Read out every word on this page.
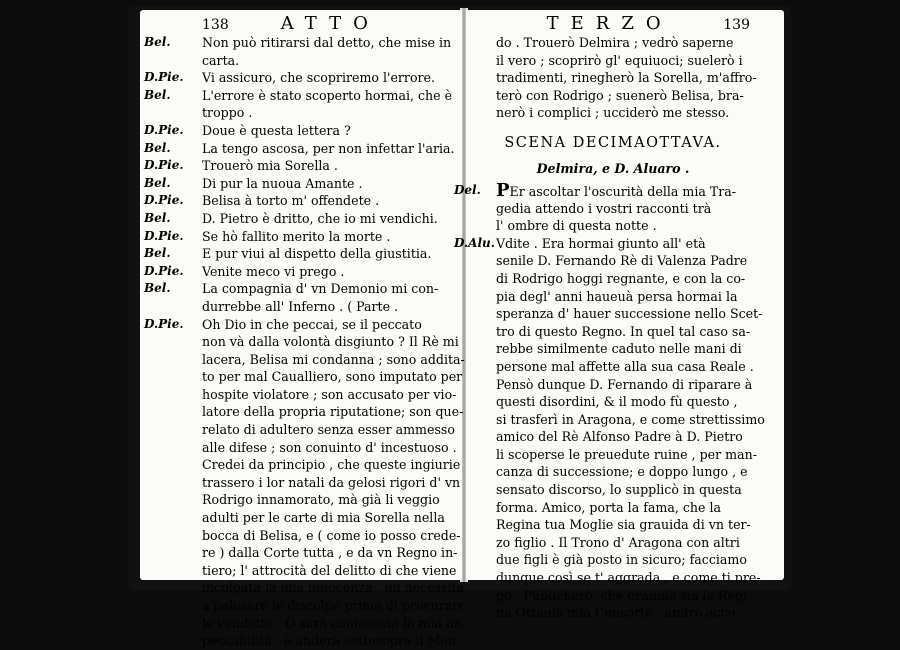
138	ATTO
Bel. Non può ritirarsi dal detto, che mise in
carta.
D.Pie. Vi assicuro, che scopriremo l'errore.
Bel. L'errore è stato scoperto hormai, che è
troppo .
D.Pie. Doue è questa lettera ?
Bel. La tengo ascosa, per non infettar l'aria.
D.Pie. Trouerò mia Sorella .
Bel. Di pur la nuoua Amante .
D.Pie. Belisa à torto m' offendete .
Bel. D. Pietro è dritto, che io mi vendichi.
D.Pie. Se hò fallito merito la morte .
Bel. E pur viui al dispetto della giustitia.
D.Pie. Venite meco vi prego .
Bel. La compagnia d' vn Demonio mi con-
durrebbe all' Inferno . ( Parte .
D.Pie. Oh Dio in che peccai, se il peccato
non và dalla volontà disgiunto ? Il Rè mi
lacera, Belisa mi condanna ; sono addita-
to per mal Caualliero, sono imputato per
hospite violatore ; son accusato per vio-
latore della propria riputatione; son que-
relato di adultero senza esser ammesso
alle difese ; son conuinto d' incestuoso .
Credei da principio , che queste ingiurie
trassero i lor natali da gelosi rigori d' vn
Rodrigo innamorato, mà già li veggio
adulti per le carte di mia Sorella nella
bocca di Belisa, e ( come io posso crede-
re ) dalla Corte tutta , e da vn Regno in-
tiero; l' attrocità del delitto di che viene
incolpata la mia innocenza , mi necessita
a palesare le discolpe prima di procurare
le vendette . O sarà confessata la mia im-
peccabilità , ò anderà sottosopra il Mon-
TERZO	139
do . Trouerò Delmira ; vedrò saperne
il vero ; scoprirò gl' equiuoci; suelerò i
tradimenti, rinegherò la Sorella, m'affro-
terò con Rodrigo ; suenerò Belisa, bra-
nerò i complici ; ucciderò me stesso.
SCENA DECIMAOTTAVA.
Delmira, e D. Aluaro .
Del. PEr ascoltar l'oscurità della mia Tra-
gedia attendo i vostri racconti trà
l' ombre di questa notte .
D.Alu. Vdite . Era hormai giunto all' età
senile D. Fernando Rè di Valenza Padre
di Rodrigo hoggi regnante, e con la co-
pia degl' anni haueuà persa hormai la
speranza d' hauer successione nello Scet-
tro di questo Regno. In quel tal caso sa-
rebbe similmente caduto nelle mani di
persone mal affette alla sua casa Reale .
Pensò dunque D. Fernando di riparare à
questi disordini, & il modo fù questo ,
si trasferì in Aragona, e come strettissimo
amico del Rè Alfonso Padre à D. Pietro
li scoperse le preuedute ruine , per man-
canza di successione; e doppo lungo , e
sensato discorso, lo supplicò in questa
forma. Amico, porta la fama, che la
Regina tua Moglie sia grauida di vn ter-
zo figlio . Il Trono d' Aragona con altri
due figli è già posto in sicuro; facciamo
dunque così se t' aggrada , e come ti pre-
go . Publicherò, che grauida sia la Regi-
na Ottauia mia Consorte ; andrò acco-
